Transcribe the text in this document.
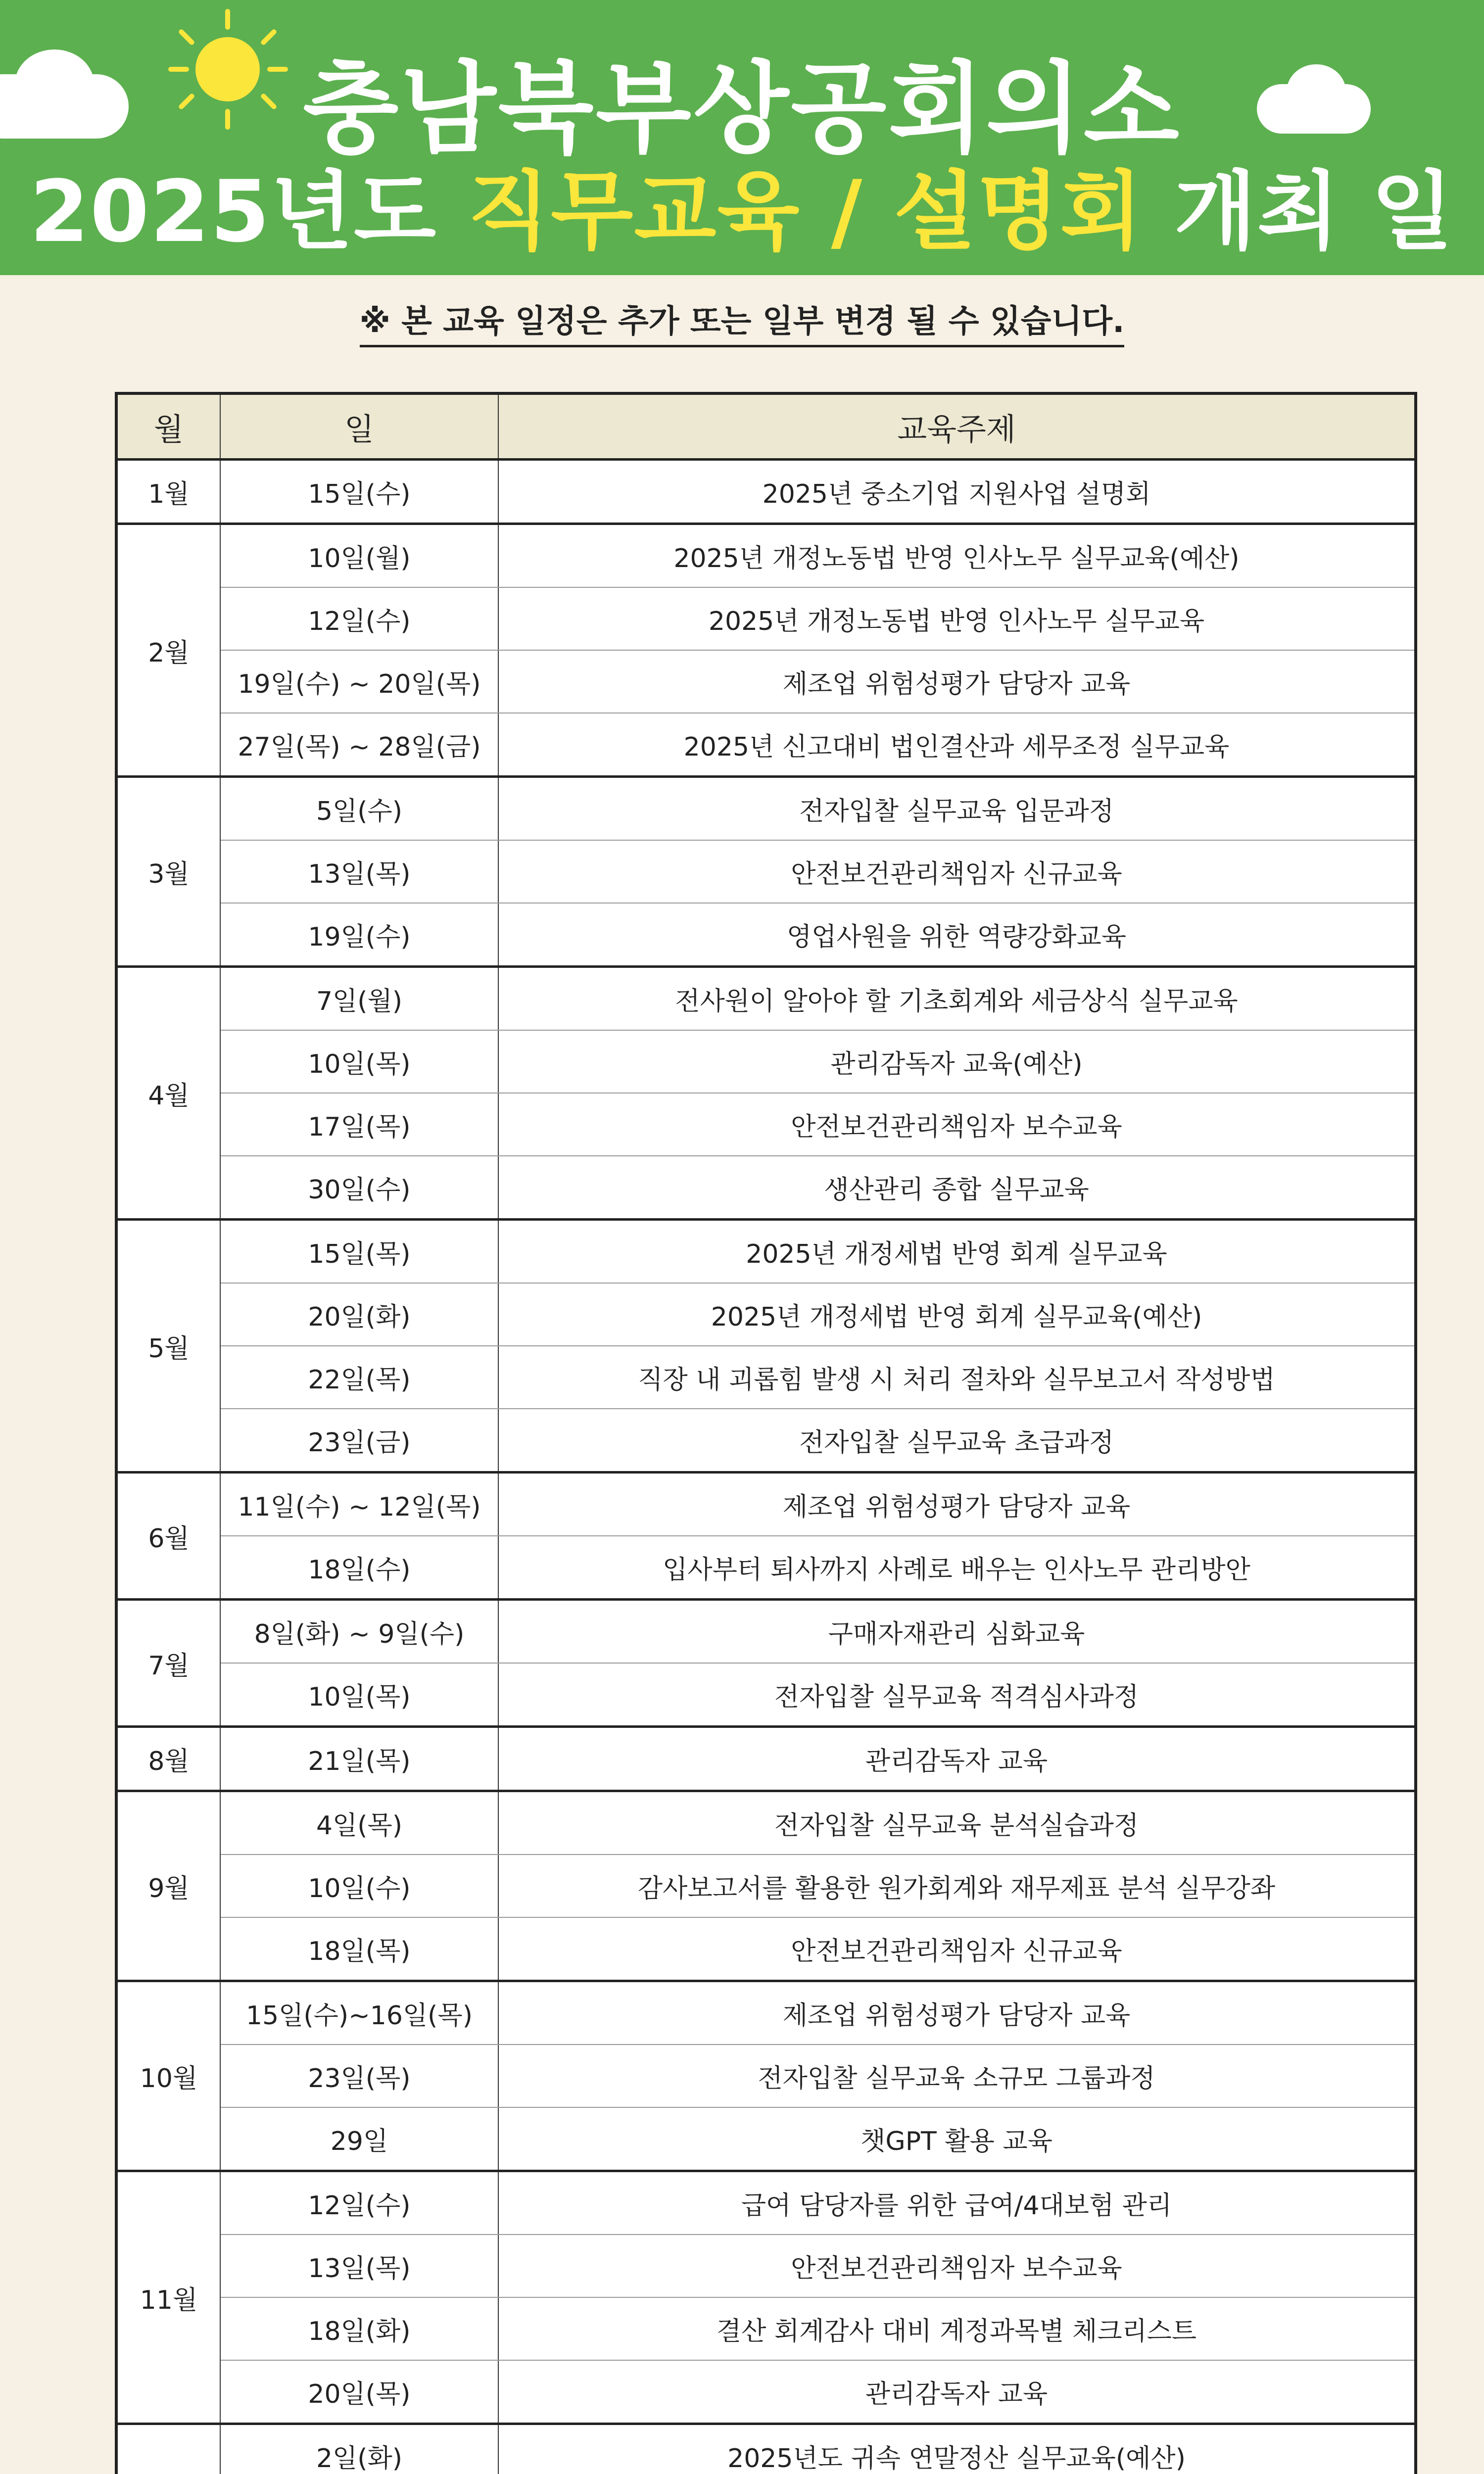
충남북부상공회의소
2025년도 직무교육 / 설명회 개최 일
※ 본 교육 일정은 추가 또는 일부 변경 될 수 있습니다.
월	일	교육주제
1월	15일(수)	2025년 중소기업 지원사업 설명회
2월	10일(월)	2025년 개정노동법 반영 인사노무 실무교육(예산)
	12일(수)	2025년 개정노동법 반영 인사노무 실무교육
	19일(수) ~ 20일(목)	제조업 위험성평가 담당자 교육
	27일(목) ~ 28일(금)	2025년 신고대비 법인결산과 세무조정 실무교육
3월	5일(수)	전자입찰 실무교육 입문과정
	13일(목)	안전보건관리책임자 신규교육
	19일(수)	영업사원을 위한 역량강화교육
4월	7일(월)	전사원이 알아야 할 기초회계와 세금상식 실무교육
	10일(목)	관리감독자 교육(예산)
	17일(목)	안전보건관리책임자 보수교육
	30일(수)	생산관리 종합 실무교육
5월	15일(목)	2025년 개정세법 반영 회계 실무교육
	20일(화)	2025년 개정세법 반영 회계 실무교육(예산)
	22일(목)	직장 내 괴롭힘 발생 시 처리 절차와 실무보고서 작성방법
	23일(금)	전자입찰 실무교육 초급과정
6월	11일(수) ~ 12일(목)	제조업 위험성평가 담당자 교육
	18일(수)	입사부터 퇴사까지 사례로 배우는 인사노무 관리방안
7월	8일(화) ~ 9일(수)	구매자재관리 심화교육
	10일(목)	전자입찰 실무교육 적격심사과정
8월	21일(목)	관리감독자 교육
9월	4일(목)	전자입찰 실무교육 분석실습과정
	10일(수)	감사보고서를 활용한 원가회계와 재무제표 분석 실무강좌
	18일(목)	안전보건관리책임자 신규교육
10월	15일(수)~16일(목)	제조업 위험성평가 담당자 교육
	23일(목)	전자입찰 실무교육 소규모 그룹과정
	29일	챗GPT 활용 교육
11월	12일(수)	급여 담당자를 위한 급여/4대보험 관리
	13일(목)	안전보건관리책임자 보수교육
	18일(화)	결산 회계감사 대비 계정과목별 체크리스트
	20일(목)	관리감독자 교육
	2일(화)	2025년도 귀속 연말정산 실무교육(예산)
